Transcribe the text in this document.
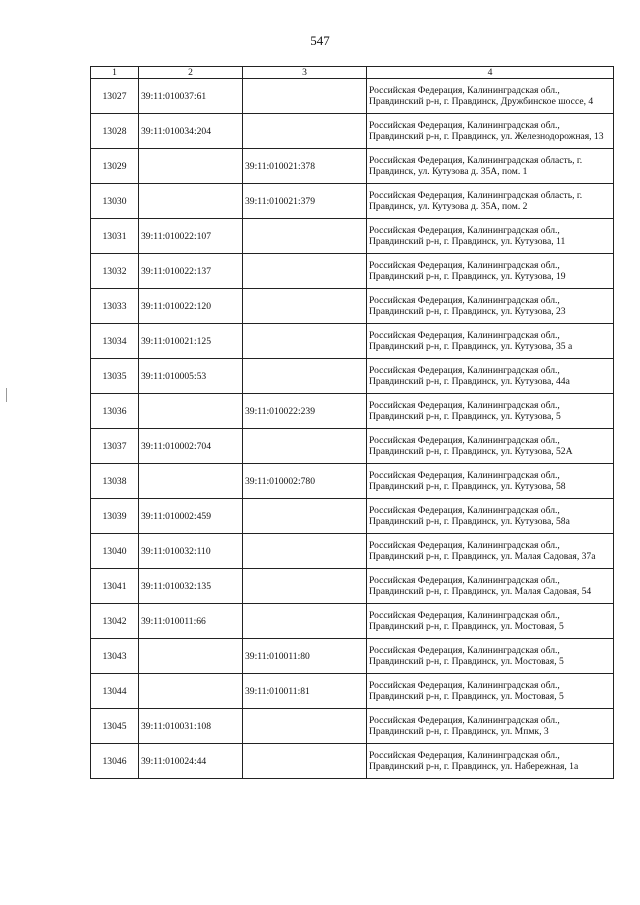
547
1	2	3	4
13027	39:11:010037:61		Российская Федерация, Калининградская обл., Правдинский р-н, г. Правдинск, Дружбинское шоссе, 4
13028	39:11:010034:204		Российская Федерация, Калининградская обл., Правдинский р-н, г. Правдинск, ул. Железнодорожная, 13
13029		39:11:010021:378	Российская Федерация, Калининградская область, г. Правдинск, ул. Кутузова д. 35А, пом. 1
13030		39:11:010021:379	Российская Федерация, Калининградская область, г. Правдинск, ул. Кутузова д. 35А, пом. 2
13031	39:11:010022:107		Российская Федерация, Калининградская обл., Правдинский р-н, г. Правдинск, ул. Кутузова, 11
13032	39:11:010022:137		Российская Федерация, Калининградская обл., Правдинский р-н, г. Правдинск, ул. Кутузова, 19
13033	39:11:010022:120		Российская Федерация, Калининградская обл., Правдинский р-н, г. Правдинск, ул. Кутузова, 23
13034	39:11:010021:125		Российская Федерация, Калининградская обл., Правдинский р-н, г. Правдинск, ул. Кутузова, 35 а
13035	39:11:010005:53		Российская Федерация, Калининградская обл., Правдинский р-н, г. Правдинск, ул. Кутузова, 44а
13036		39:11:010022:239	Российская Федерация, Калининградская обл., Правдинский р-н, г. Правдинск, ул. Кутузова, 5
13037	39:11:010002:704		Российская Федерация, Калининградская обл., Правдинский р-н, г. Правдинск, ул. Кутузова, 52А
13038		39:11:010002:780	Российская Федерация, Калининградская обл., Правдинский р-н, г. Правдинск, ул. Кутузова, 58
13039	39:11:010002:459		Российская Федерация, Калининградская обл., Правдинский р-н, г. Правдинск, ул. Кутузова, 58а
13040	39:11:010032:110		Российская Федерация, Калининградская обл., Правдинский р-н, г. Правдинск, ул. Малая Садовая, 37а
13041	39:11:010032:135		Российская Федерация, Калининградская обл., Правдинский р-н, г. Правдинск, ул. Малая Садовая, 54
13042	39:11:010011:66		Российская Федерация, Калининградская обл., Правдинский р-н, г. Правдинск, ул. Мостовая, 5
13043		39:11:010011:80	Российская Федерация, Калининградская обл., Правдинский р-н, г. Правдинск, ул. Мостовая, 5
13044		39:11:010011:81	Российская Федерация, Калининградская обл., Правдинский р-н, г. Правдинск, ул. Мостовая, 5
13045	39:11:010031:108		Российская Федерация, Калининградская обл., Правдинский р-н, г. Правдинск, ул. Мпмк, 3
13046	39:11:010024:44		Российская Федерация, Калининградская обл., Правдинский р-н, г. Правдинск, ул. Набережная, 1а
